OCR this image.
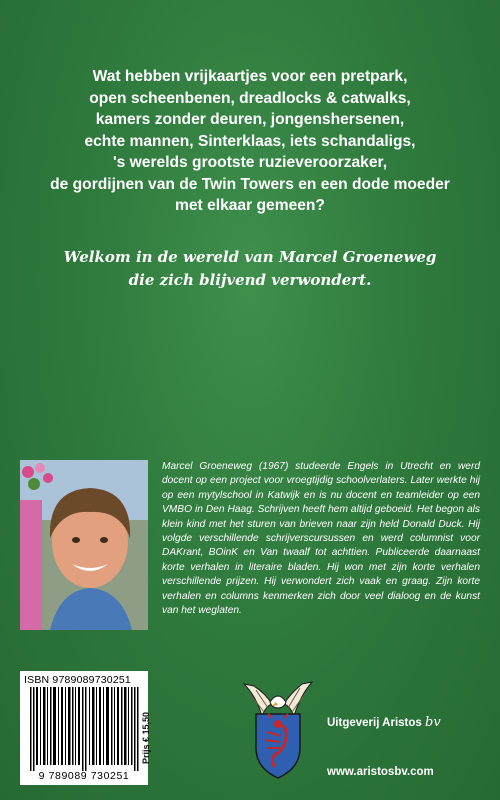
Wat hebben vrijkaartjes voor een pretpark,
open scheenbenen, dreadlocks & catwalks,
kamers zonder deuren, jongenshersenen,
echte mannen, Sinterklaas, iets schandaligs,
's werelds grootste ruzieveroorzaker,
de gordijnen van de Twin Towers en een dode moeder
met elkaar gemeen?
Welkom in de wereld van Marcel Groeneweg
die zich blijvend verwondert.
Marcel Groeneweg (1967) studeerde Engels in Utrecht en werd docent op een project voor vroegtijdig schoolverlaters. Later werkte hij op een mytylschool in Katwijk en is nu docent en teamleider op een VMBO in Den Haag. Schrijven heeft hem altijd geboeid. Het begon als klein kind met het sturen van brieven naar zijn held Donald Duck. Hij volgde verschillende schrijverscursussen en werd columnist voor DAKrant, BOinK en Van twaalf tot achttien. Publiceerde daarnaast korte verhalen in literaire bladen. Hij won met zijn korte verhalen verschillende prijzen. Hij verwondert zich vaak en graag. Zijn korte verhalen en columns kenmerken zich door veel dialoog en de kunst van het weglaten.
ISBN 9789089730251
9 789089 730251
Prijs € 15,50	Uitgeverij Aristos bv
www.aristosbv.com
